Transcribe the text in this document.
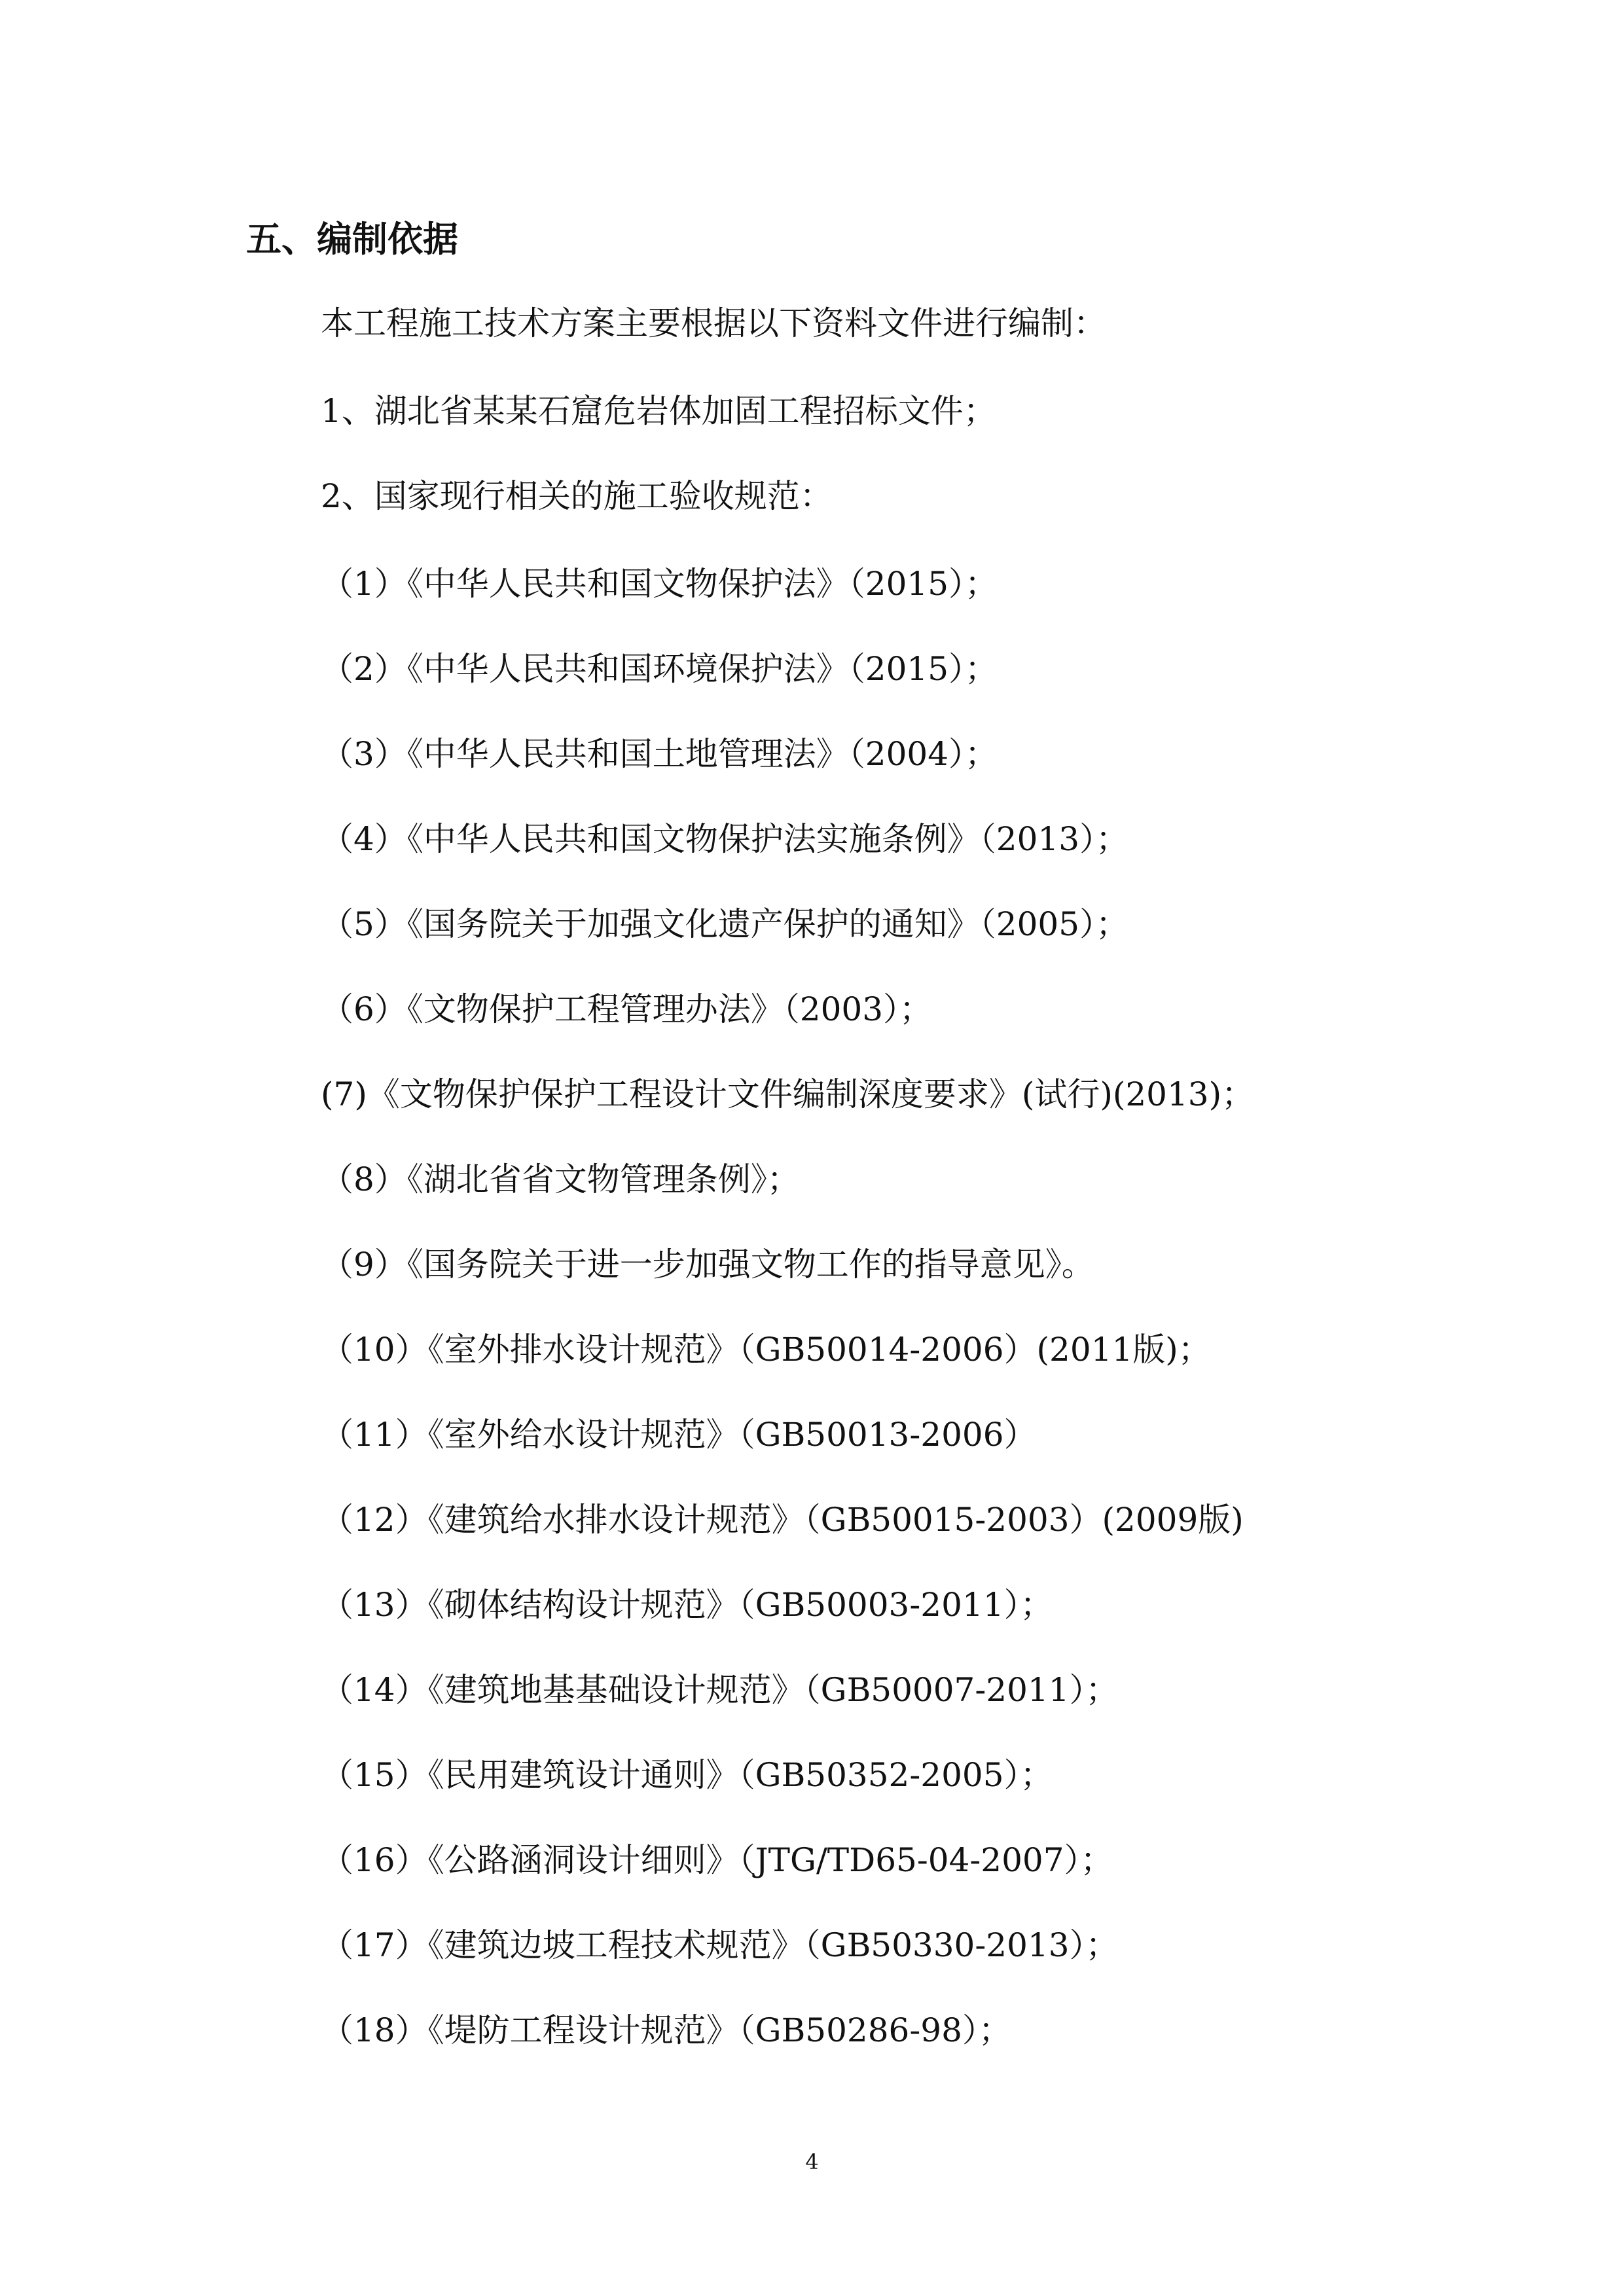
五、编制依据
本工程施工技术方案主要根据以下资料文件进行编制：
1、湖北省某某石窟危岩体加固工程招标文件；
2、国家现行相关的施工验收规范：
（1）《中华人民共和国文物保护法》（2015）；
（2）《中华人民共和国环境保护法》（2015）；
（3）《中华人民共和国土地管理法》（2004）；
（4）《中华人民共和国文物保护法实施条例》（2013）；
（5）《国务院关于加强文化遗产保护的通知》（2005）；
（6）《文物保护工程管理办法》（2003）；
(7)《文物保护保护工程设计文件编制深度要求》(试行)(2013)；
（8）《湖北省省文物管理条例》；
（9）《国务院关于进一步加强文物工作的指导意见》。
（10）《室外排水设计规范》（GB50014-2006）(2011版)；
（11）《室外给水设计规范》（GB50013-2006）
（12）《建筑给水排水设计规范》（GB50015-2003）(2009版)
（13）《砌体结构设计规范》（GB50003-2011）；
（14）《建筑地基基础设计规范》（GB50007-2011）；
（15）《民用建筑设计通则》（GB50352-2005）；
（16）《公路涵洞设计细则》（JTG/TD65-04-2007）；
（17）《建筑边坡工程技术规范》（GB50330-2013）；
（18）《堤防工程设计规范》（GB50286-98）；
4
